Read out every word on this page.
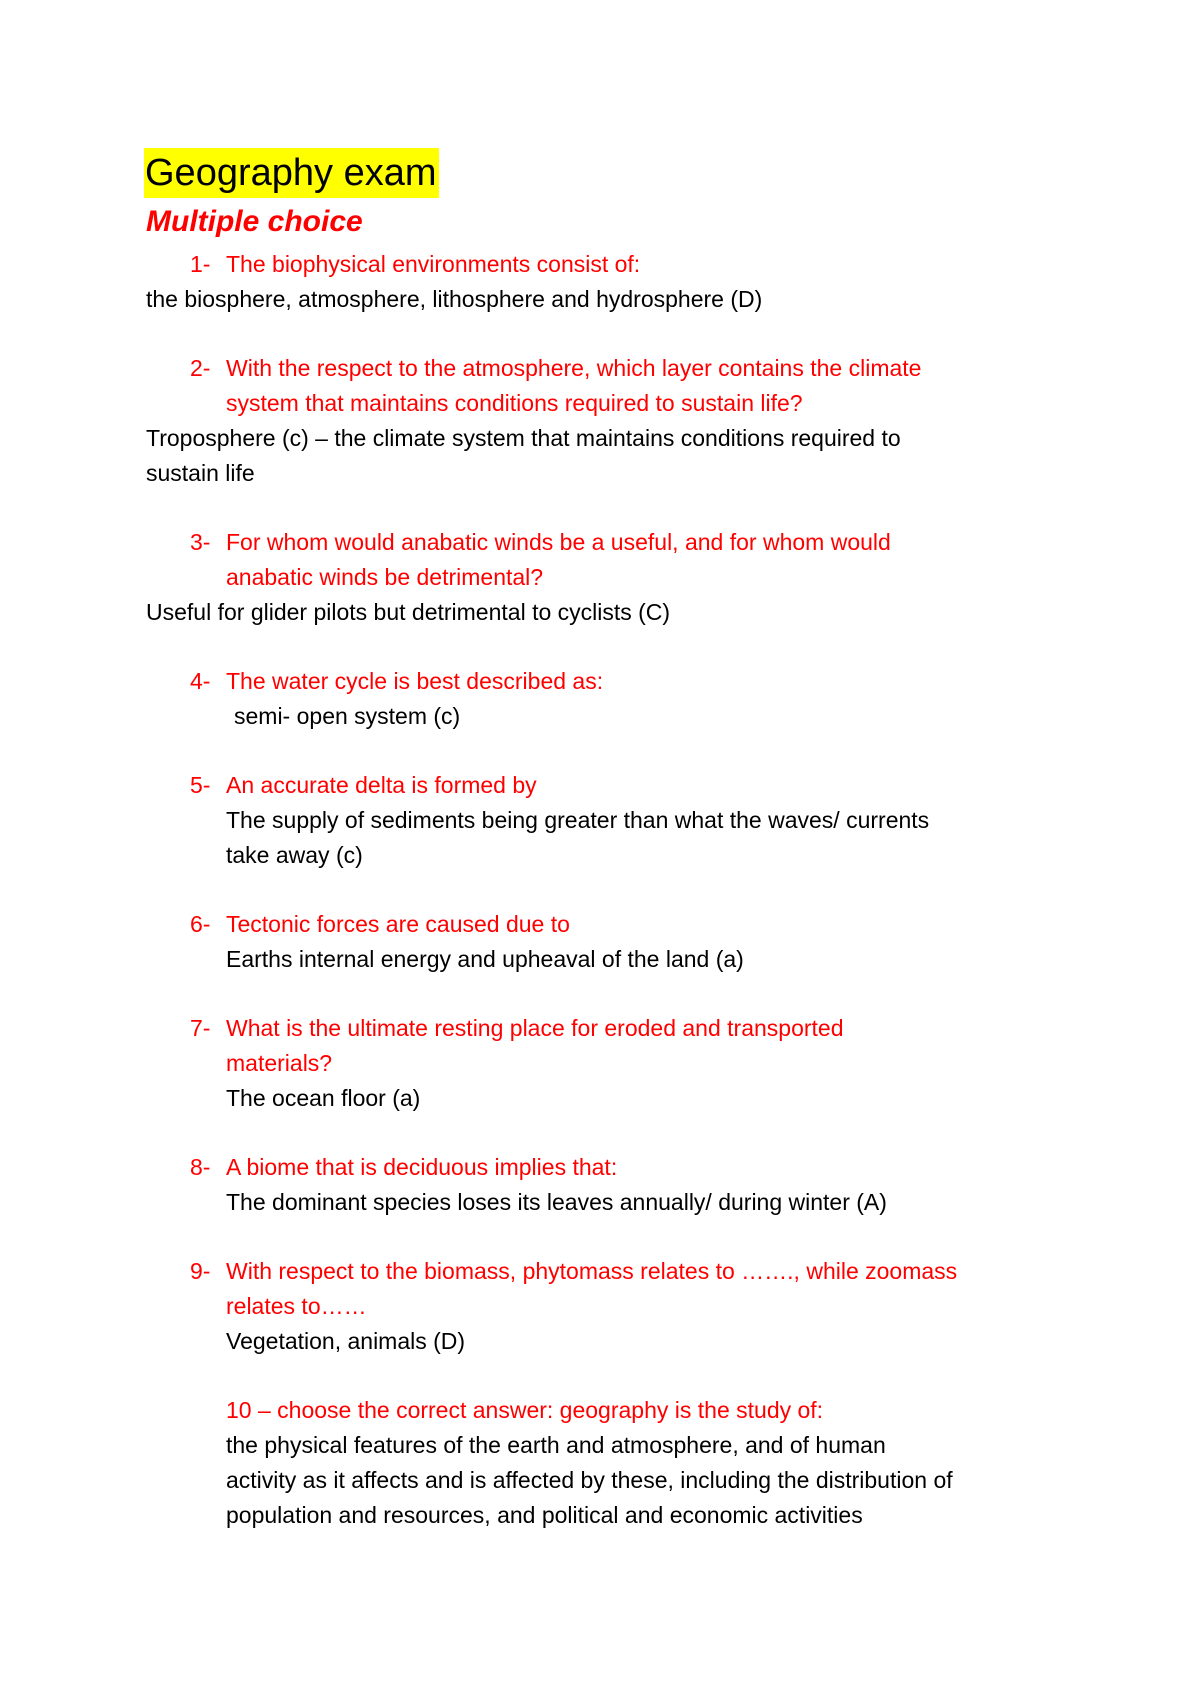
Geography exam
Multiple choice
1- The biophysical environments consist of:
the biosphere, atmosphere, lithosphere and hydrosphere (D)
2- With the respect to the atmosphere, which layer contains the climate
system that maintains conditions required to sustain life?
Troposphere (c) – the climate system that maintains conditions required to
sustain life
3- For whom would anabatic winds be a useful, and for whom would
anabatic winds be detrimental?
Useful for glider pilots but detrimental to cyclists (C)
4- The water cycle is best described as:
semi- open system (c)
5- An accurate delta is formed by
The supply of sediments being greater than what the waves/ currents
take away (c)
6- Tectonic forces are caused due to
Earths internal energy and upheaval of the land (a)
7- What is the ultimate resting place for eroded and transported
materials?
The ocean floor (a)
8- A biome that is deciduous implies that:
The dominant species loses its leaves annually/ during winter (A)
9- With respect to the biomass, phytomass relates to ……., while zoomass
relates to……
Vegetation, animals (D)
10 – choose the correct answer: geography is the study of:
the physical features of the earth and atmosphere, and of human
activity as it affects and is affected by these, including the distribution of
population and resources, and political and economic activities
